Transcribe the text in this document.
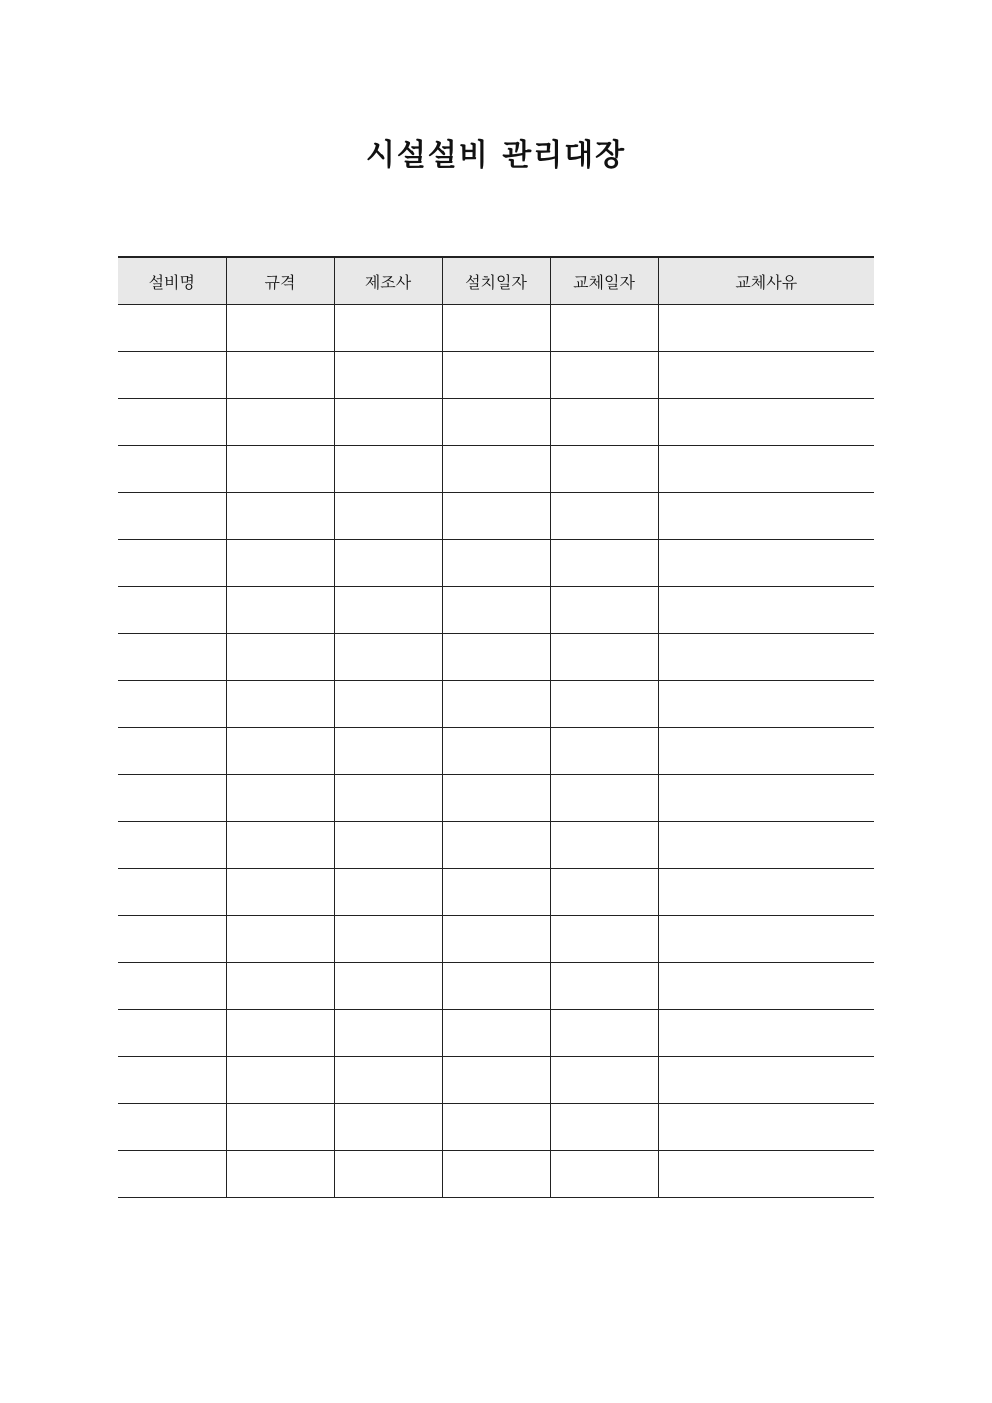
시설설비 관리대장
설비명	규격	제조사	설치일자	교체일자	교체사유
